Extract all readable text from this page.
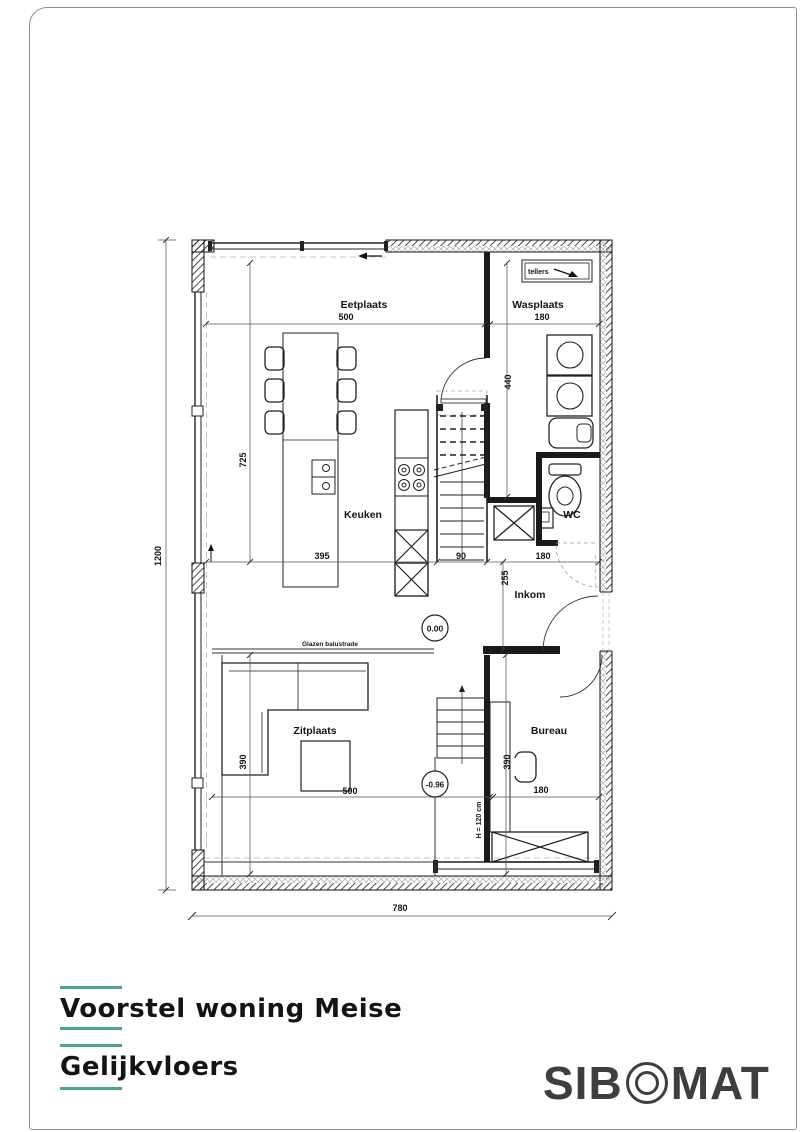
tellers
0.00
-0.96
Eetplaats
500
Wasplaats
180
440
725
1200
Keuken
395	90	180
255
Inkom
WC
Glazen balustrade
Zitplaats
390
500
Bureau
390
180
H = 120 cm
780
Voorstel woning Meise
Gelijkvloers	SIB MAT
